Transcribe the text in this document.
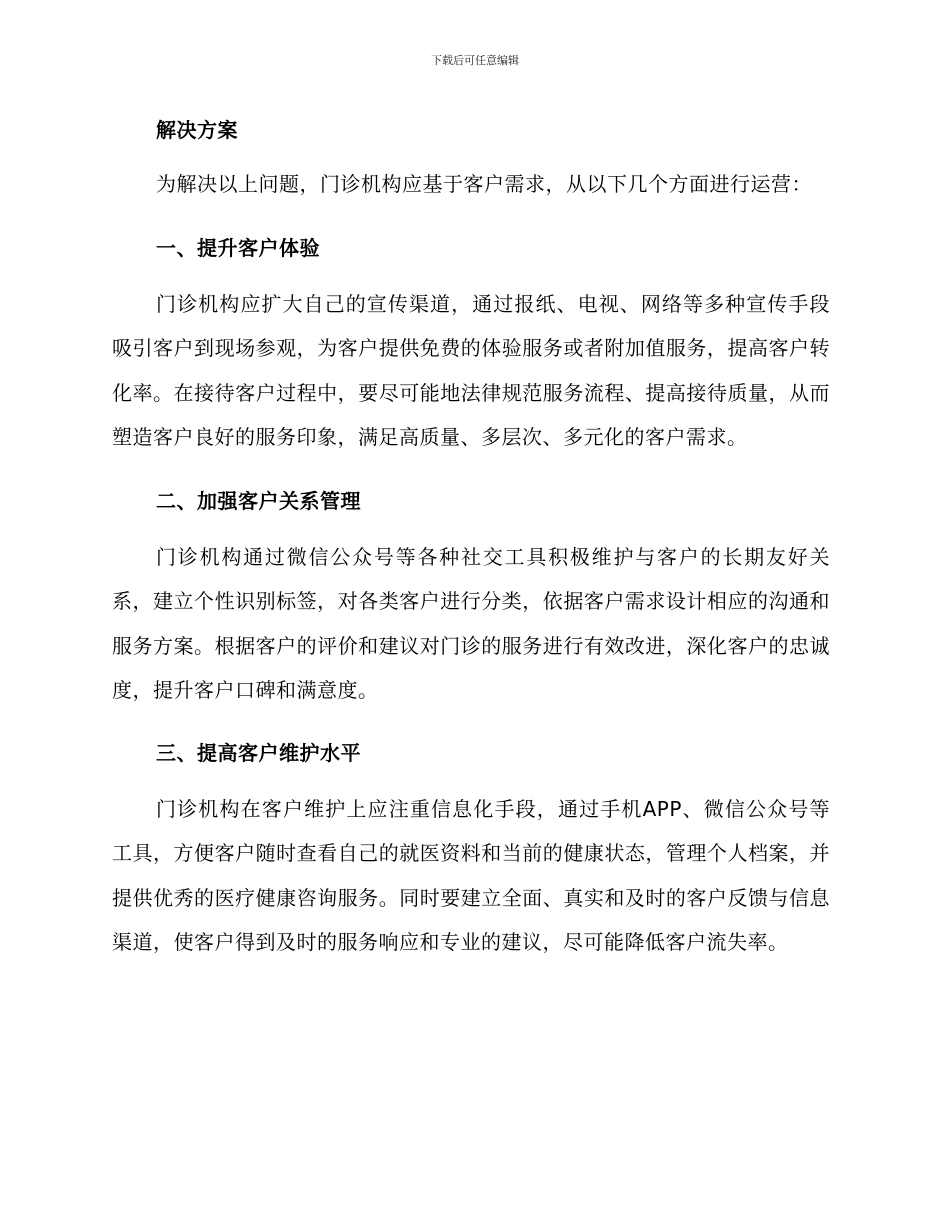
下载后可任意编辑

解决方案

为解决以上问题，门诊机构应基于客户需求，从以下几个方面进行运营：

一、提升客户体验

门诊机构应扩大自己的宣传渠道，通过报纸、电视、网络等多种宣传手段吸引客户到现场参观，为客户提供免费的体验服务或者附加值服务，提高客户转化率。在接待客户过程中，要尽可能地法律规范服务流程、提高接待质量，从而塑造客户良好的服务印象，满足高质量、多层次、多元化的客户需求。

二、加强客户关系管理

门诊机构通过微信公众号等各种社交工具积极维护与客户的长期友好关系，建立个性识别标签，对各类客户进行分类，依据客户需求设计相应的沟通和服务方案。根据客户的评价和建议对门诊的服务进行有效改进，深化客户的忠诚度，提升客户口碑和满意度。

三、提高客户维护水平

门诊机构在客户维护上应注重信息化手段，通过手机APP、微信公众号等工具，方便客户随时查看自己的就医资料和当前的健康状态，管理个人档案，并提供优秀的医疗健康咨询服务。同时要建立全面、真实和及时的客户反馈与信息渠道，使客户得到及时的服务响应和专业的建议，尽可能降低客户流失率。
